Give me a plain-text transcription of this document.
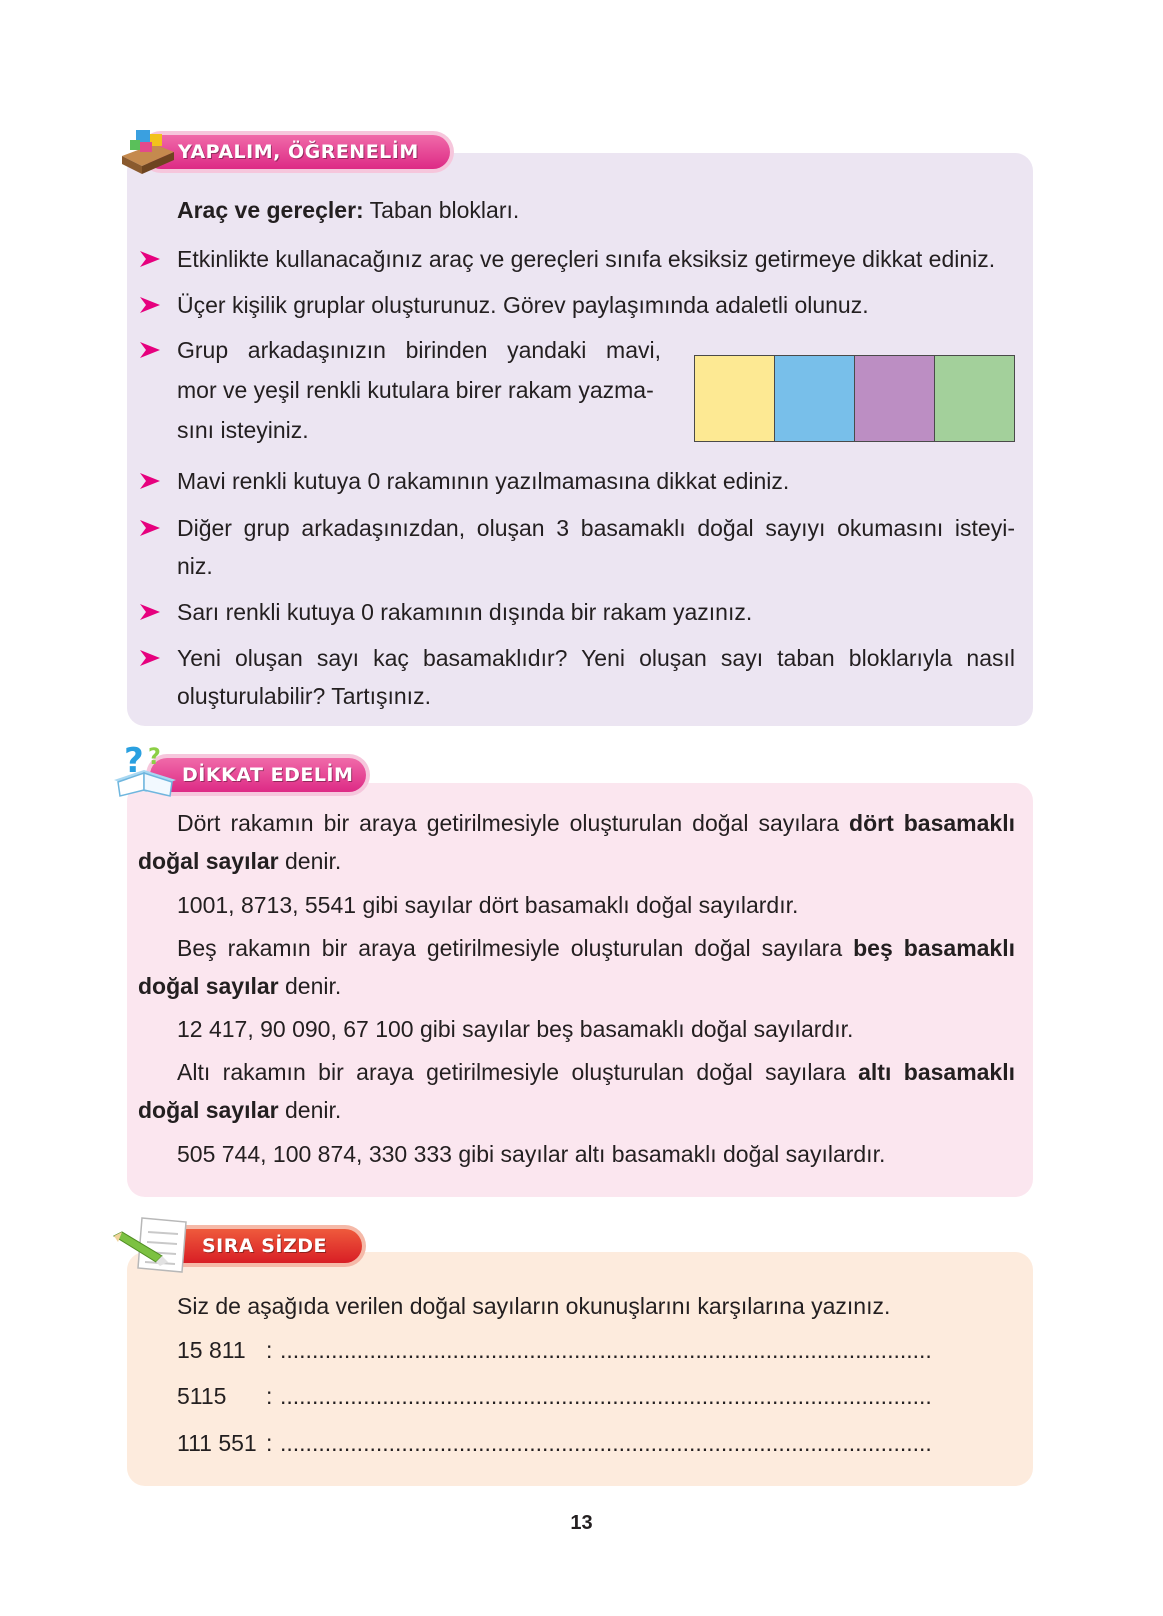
YAPALIM, ÖĞRENELİM
Araç ve gereçler: Taban blokları.
Etkinlikte kullanacağınız araç ve gereçleri sınıfa eksiksiz getirmeye dikkat ediniz.
Üçer kişilik gruplar oluşturunuz. Görev paylaşımında adaletli olunuz.
Grup arkadaşınızın birinden yandaki mavi,
mor ve yeşil renkli kutulara birer rakam yazma-
sını isteyiniz.
Mavi renkli kutuya 0 rakamının yazılmamasına dikkat ediniz.
Diğer grup arkadaşınızdan, oluşan 3 basamaklı doğal sayıyı okumasını isteyi-
niz.
Sarı renkli kutuya 0 rakamının dışında bir rakam yazınız.
Yeni oluşan sayı kaç basamaklıdır? Yeni oluşan sayı taban bloklarıyla nasıl
oluşturulabilir? Tartışınız.
DİKKAT EDELİM
? ?
Dört rakamın bir araya getirilmesiyle oluşturulan doğal sayılara dört basamaklı
doğal sayılar denir.
1001, 8713, 5541 gibi sayılar dört basamaklı doğal sayılardır.
Beş rakamın bir araya getirilmesiyle oluşturulan doğal sayılara beş basamaklı
doğal sayılar denir.
12 417, 90 090, 67 100 gibi sayılar beş basamaklı doğal sayılardır.
Altı rakamın bir araya getirilmesiyle oluşturulan doğal sayılara altı basamaklı
doğal sayılar denir.
505 744, 100 874, 330 333 gibi sayılar altı basamaklı doğal sayılardır.
SIRA SİZDE
Siz de aşağıda verilen doğal sayıların okunuşlarını karşılarına yazınız.
15 811 : ......................................................................................................
5115 : ......................................................................................................
111 551 : ......................................................................................................
13
